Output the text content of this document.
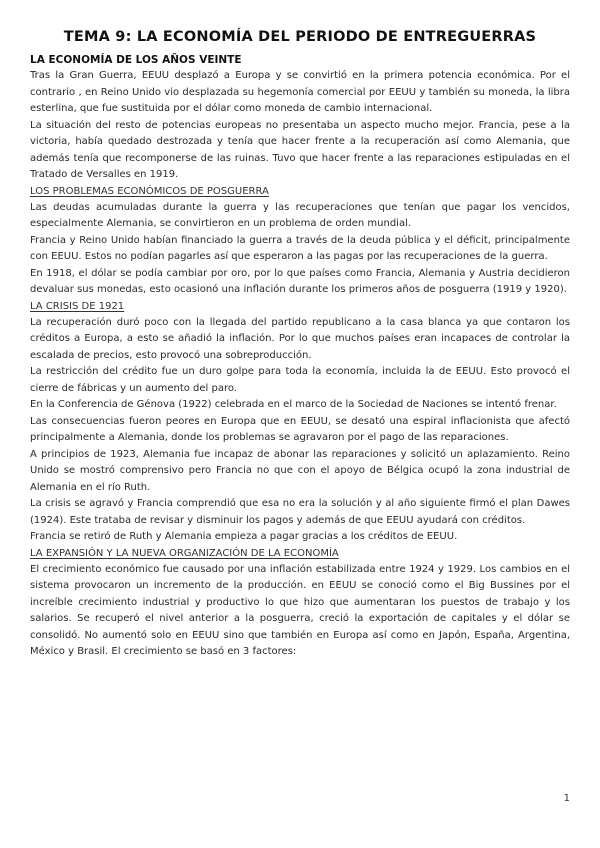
TEMA 9: LA ECONOMÍA DEL PERIODO DE ENTREGUERRAS
LA ECONOMÍA DE LOS AÑOS VEINTE

Tras la Gran Guerra, EEUU desplazó a Europa y se convirtió en la primera potencia económica. Por el contrario , en Reino Unido vio desplazada su hegemonía comercial por EEUU y también su moneda, la libra esterlina, que fue sustituida por el dólar como moneda de cambio internacional.

La situación del resto de potencias europeas no presentaba un aspecto mucho mejor. Francia, pese a la victoria, había quedado destrozada y tenía que hacer frente a la recuperación así como Alemania, que además tenía que recomponerse de las ruinas. Tuvo que hacer frente a las reparaciones estipuladas en el Tratado de Versalles en 1919.

LOS PROBLEMAS ECONÓMICOS DE POSGUERRA

Las deudas acumuladas durante la guerra y las recuperaciones que tenían que pagar los vencidos, especialmente Alemania, se convirtieron en un problema de orden mundial.

Francia y Reino Unido habían financiado la guerra a través de la deuda pública y el déficit, principalmente con EEUU. Estos no podían pagarles así que esperaron a las pagas por las recuperaciones de la guerra.

En 1918, el dólar se podía cambiar por oro, por lo que países como Francia, Alemania y Austria decidieron devaluar sus monedas, esto ocasionó una inflación durante los primeros años de posguerra (1919 y 1920).

LA CRISIS DE 1921

La recuperación duró poco con la llegada del partido republicano a la casa blanca ya que contaron los créditos a Europa, a esto se añadió la inflación. Por lo que muchos países eran incapaces de controlar la escalada de precios, esto provocó una sobreproducción.

La restricción del crédito fue un duro golpe para toda la economía, incluida la de EEUU. Esto provocó el cierre de fábricas y un aumento del paro.

En la Conferencia de Génova (1922) celebrada en el marco de la Sociedad de Naciones se intentó frenar.

Las consecuencias fueron peores en Europa que en EEUU, se desató una espiral inflacionista que afectó principalmente a Alemania, donde los problemas se agravaron por el pago de las reparaciones.

A principios de 1923, Alemania fue incapaz de abonar las reparaciones y solicitó un aplazamiento. Reino Unido se mostró comprensivo pero Francia no que con el apoyo de Bélgica ocupó la zona industrial de Alemania en el río Ruth.

La crisis se agravó y Francia comprendió que esa no era la solución y al año siguiente firmó el plan Dawes (1924). Este trataba de revisar y disminuir los pagos y además de que EEUU ayudará con créditos.

Francia se retiró de Ruth y Alemania empieza a pagar gracias a los créditos de EEUU.

LA EXPANSIÓN Y LA NUEVA ORGANIZACIÓN DE LA ECONOMÍA

El crecimiento económico fue causado por una inflación estabilizada entre 1924 y 1929. Los cambios en el sistema provocaron un incremento de la producción. en EEUU se conoció como el Big Bussines por el increíble crecimiento industrial y productivo lo que hizo que aumentaran los puestos de trabajo y los salarios. Se recuperó el nivel anterior a la posguerra, creció la exportación de capitales y el dólar se consolidó. No aumentó solo en EEUU sino que también en Europa así como en Japón, España, Argentina, México y Brasil. El crecimiento se basó en 3 factores:

1
